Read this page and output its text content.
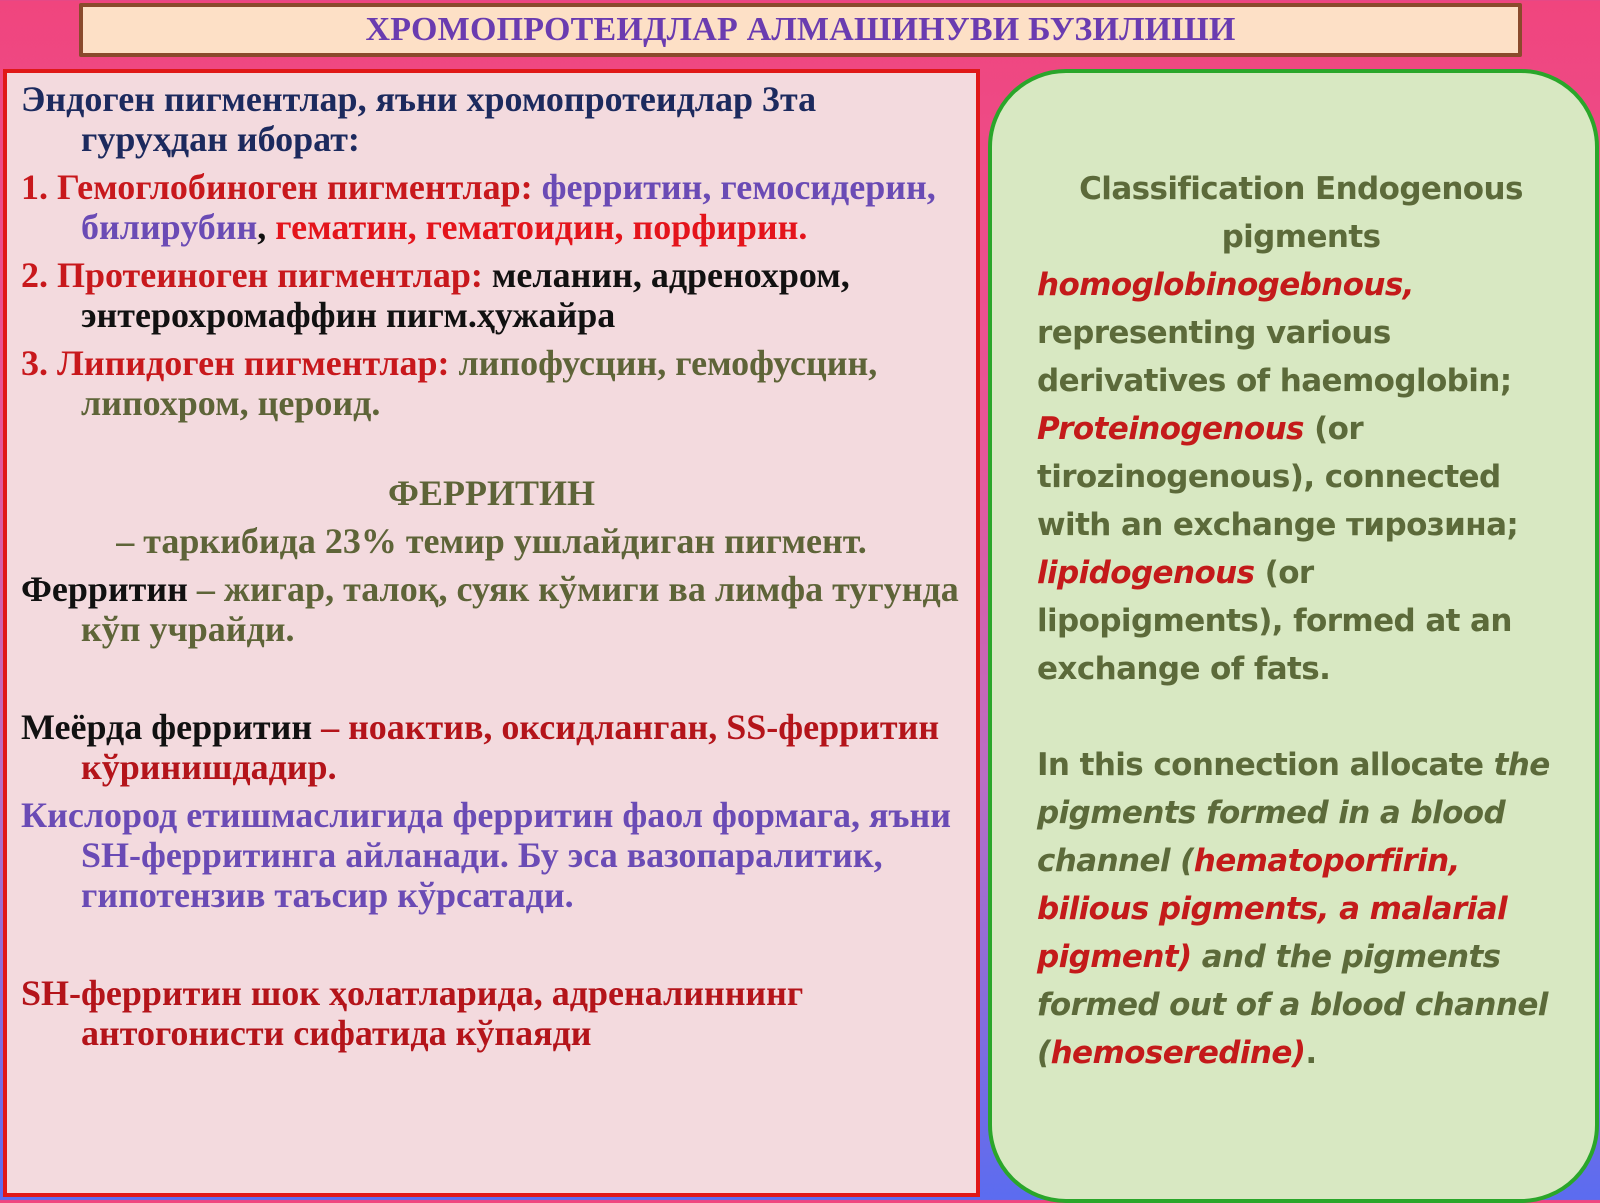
ХРОМОПРОТЕИДЛАР АЛМАШИНУВИ БУЗИЛИШИ

Эндоген пигментлар, яъни хромопротеидлар 3та гуруҳдан иборат:

1. Гемоглобиноген пигментлар: ферритин, гемосидерин, билирубин, гематин, гематоидин, порфирин.

2. Протеиноген пигментлар: меланин, адренохром, энтерохромаффин пигм.ҳужайра

3. Липидоген пигментлар: липофусцин, гемофусцин, липохром, цероид.

ФЕРРИТИН

– таркибида 23% темир ушлайдиган пигмент.

Ферритин – жигар, талоқ, суяк кўмиги ва лимфа тугунда кўп учрайди.

Меёрда ферритин – ноактив, оксидланган, SS-ферритин кўринишдадир.

Кислород етишмаслигида ферритин фаол формага, яъни SH-ферритинга айланади. Бу эса вазопаралитик, гипотензив таъсир кўрсатади.

SH-ферритин шок ҳолатларида, адреналиннинг антогонисти сифатида кўпаяди

Classification Endogenous pigments

homoglobinogebnous, representing various derivatives of haemoglobin;
Proteinogenous (or tirozinogenous), connected with an exchange тирозина;
lipidogenous (or lipopigments), formed at an exchange of fats.

In this connection allocate the pigments formed in a blood channel (hematoporfirin, bilious pigments, a malarial pigment) and the pigments formed out of a blood channel (hemoseredine).
